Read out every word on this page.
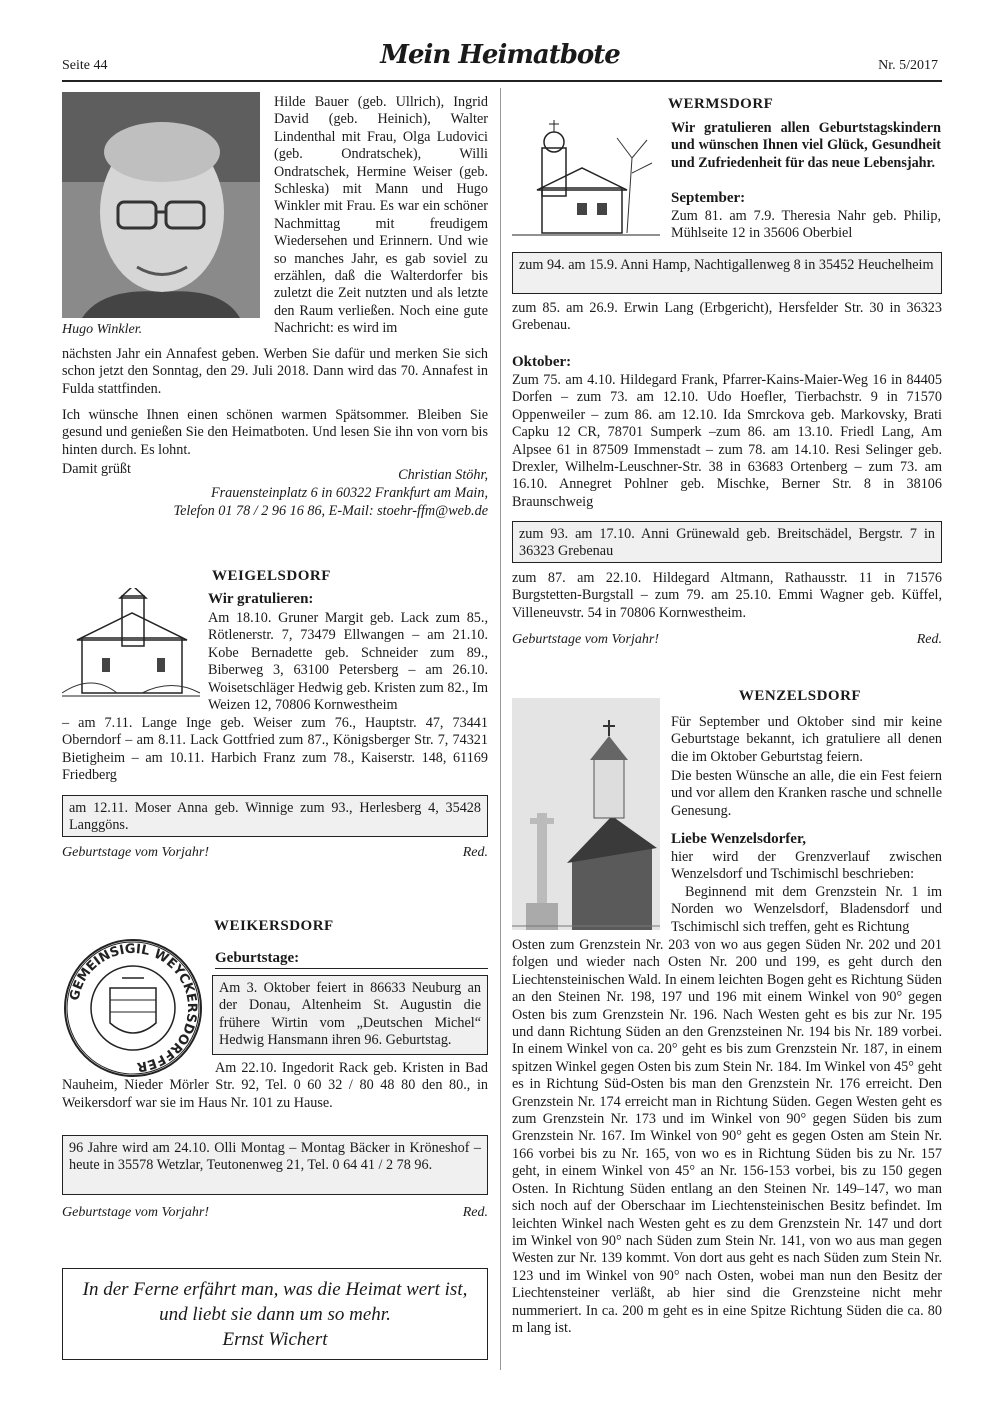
Seite 44	Mein Heimatbote	Nr. 5/2017
Hugo Winkler.

Hilde Bauer (geb. Ullrich), Ingrid David (geb. Heinich), Walter Lindenthal mit Frau, Olga Ludovici (geb. Ondratschek), Willi Ondratschek, Hermine Weiser (geb. Schleska) mit Mann und Hugo Winkler mit Frau. Es war ein schöner Nachmittag mit freudigem Wiedersehen und Erinnern. Und wie so manches Jahr, es gab soviel zu erzählen, daß die Walterdorfer bis zuletzt die Zeit nutzten und als letzte den Raum verließen. Noch eine gute Nachricht: es wird im

nächsten Jahr ein Annafest geben. Werben Sie dafür und merken Sie sich schon jetzt den Sonntag, den 29. Juli 2018. Dann wird das 70. Annafest in Fulda stattfinden.

Ich wünsche Ihnen einen schönen warmen Spätsommer. Bleiben Sie gesund und genießen Sie den Heimatboten. Und lesen Sie ihn von vorn bis hinten durch. Es lohnt.

Damit grüßt	Christian Stöhr,
Frauensteinplatz 6 in 60322 Frankfurt am Main,
Telefon 01 78 / 2 96 16 86, E-Mail: stoehr-ffm@web.de

WEIGELSDORF

Wir gratulieren:

Am 18.10. Gruner Margit geb. Lack zum 85., Rötlenerstr. 7, 73479 Ellwangen – am 21.10. Kobe Bernadette geb. Schneider zum 89., Biberweg 3, 63100 Petersberg – am 26.10. Woisetschläger Hedwig geb. Kristen zum 82., Im Weizen 12, 70806 Kornwestheim

– am 7.11. Lange Inge geb. Weiser zum 76., Hauptstr. 47, 73441 Oberndorf – am 8.11. Lack Gottfried zum 87., Königsberger Str. 7, 74321 Bietigheim – am 10.11. Harbich Franz zum 78., Kaiserstr. 148, 61169 Friedberg

am 12.11. Moser Anna geb. Winnige zum 93., Herlesberg 4, 35428 Langgöns.

Geburtstage vom Vorjahr!	Red.

WEIKERSDORF

GEMEINSIGIL WEYCKERSDORFFER

Geburtstage:

Am 3. Oktober feiert in 86633 Neuburg an der Donau, Altenheim St. Augustin die frühere Wirtin vom „Deutschen Michel“ Hedwig Hansmann ihren 96. Geburtstag.

Am 22.10. Ingedorit Rack geb. Kristen in Bad Nauheim, Nieder Mörler Str. 92, Tel. 0 60 32 / 80 48 80 den 80., in Weikersdorf war sie im Haus Nr. 101 zu Hause.

96 Jahre wird am 24.10. Olli Montag – Montag Bäcker in Kröneshof – heute in 35578 Wetzlar, Teutonenweg 21, Tel. 0 64 41 / 2 78 96.

Geburtstage vom Vorjahr!	Red.
In der Ferne erfährt man, was die Heimat wert ist,
und liebt sie dann um so mehr.
Ernst Wichert

WERMSDORF

Wir gratulieren allen Geburtstagskindern und wünschen Ihnen viel Glück, Gesundheit und Zufriedenheit für das neue Lebensjahr.

September:

Zum 81. am 7.9. Theresia Nahr geb. Philip, Mühlseite 12 in 35606 Oberbiel

zum 94. am 15.9. Anni Hamp, Nachtigallenweg 8 in 35452 Heuchelheim

zum 85. am 26.9. Erwin Lang (Erbgericht), Hersfelder Str. 30 in 36323 Grebenau.

Oktober:

Zum 75. am 4.10. Hildegard Frank, Pfarrer-Kains-Maier-Weg 16 in 84405 Dorfen – zum 73. am 12.10. Udo Hoefler, Tierbachstr. 9 in 71570 Oppenweiler – zum 86. am 12.10. Ida Smrckova geb. Markovsky, Brati Capku 12 CR, 78701 Sumperk –zum 86. am 13.10. Friedl Lang, Am Alpsee 61 in 87509 Immenstadt – zum 78. am 14.10. Resi Selinger geb. Drexler, Wilhelm-Leuschner-Str. 38 in 63683 Ortenberg – zum 73. am 16.10. Annegret Pohlner geb. Mischke, Berner Str. 8 in 38106 Braunschweig

zum 93. am 17.10. Anni Grünewald geb. Breitschädel, Bergstr. 7 in 36323 Grebenau

zum 87. am 22.10. Hildegard Altmann, Rathausstr. 11 in 71576 Burgstetten-Burgstall – zum 79. am 25.10. Emmi Wagner geb. Küffel, Villeneuvstr. 54 in 70806 Kornwestheim.

Geburtstage vom Vorjahr!	Red.

WENZELSDORF

Für September und Oktober sind mir keine Geburtstage bekannt, ich gratuliere all denen die im Oktober Geburtstag feiern.

Die besten Wünsche an alle, die ein Fest feiern und vor allem den Kranken rasche und schnelle Genesung.

Liebe Wenzelsdorfer,

hier wird der Grenzverlauf zwischen Wenzelsdorf und Tschimischl beschrieben:

Beginnend mit dem Grenzstein Nr. 1 im Norden wo Wenzelsdorf, Bladensdorf und Tschimischl sich treffen, geht es Richtung

Osten zum Grenzstein Nr. 203 von wo aus gegen Süden Nr. 202 und 201 folgen und wieder nach Osten Nr. 200 und 199, es geht durch den Liechtensteinischen Wald. In einem leichten Bogen geht es Richtung Süden an den Steinen Nr. 198, 197 und 196 mit einem Winkel von 90° gegen Osten bis zum Grenzstein Nr. 196. Nach Westen geht es bis zur Nr. 195 und dann Richtung Süden an den Grenzsteinen Nr. 194 bis Nr. 189 vorbei. In einem Winkel von ca. 20° geht es bis zum Grenzstein Nr. 187, in einem spitzen Winkel gegen Osten bis zum Stein Nr. 184. Im Winkel von 45° geht es in Richtung Süd-Osten bis man den Grenzstein Nr. 176 erreicht. Den Grenzstein Nr. 174 erreicht man in Richtung Süden. Gegen Westen geht es zum Grenzstein Nr. 173 und im Winkel von 90° gegen Süden bis zum Grenzstein Nr. 167. Im Winkel von 90° geht es gegen Osten am Stein Nr. 166 vorbei bis zu Nr. 165, von wo es in Richtung Süden bis zu Nr. 157 geht, in einem Winkel von 45° an Nr. 156-153 vorbei, bis zu 150 gegen Osten. In Richtung Süden entlang an den Steinen Nr. 149–147, wo man sich noch auf der Oberschaar im Liechtensteinischen Besitz befindet. Im leichten Winkel nach Westen geht es zu dem Grenzstein Nr. 147 und dort im Winkel von 90° nach Süden zum Stein Nr. 141, von wo aus man gegen Westen zur Nr. 139 kommt. Von dort aus geht es nach Süden zum Stein Nr. 123 und im Winkel von 90° nach Osten, wobei man nun den Besitz der Liechtensteiner verläßt, ab hier sind die Grenzsteine nicht mehr nummeriert. In ca. 200 m geht es in eine Spitze Richtung Süden die ca. 80 m lang ist.
